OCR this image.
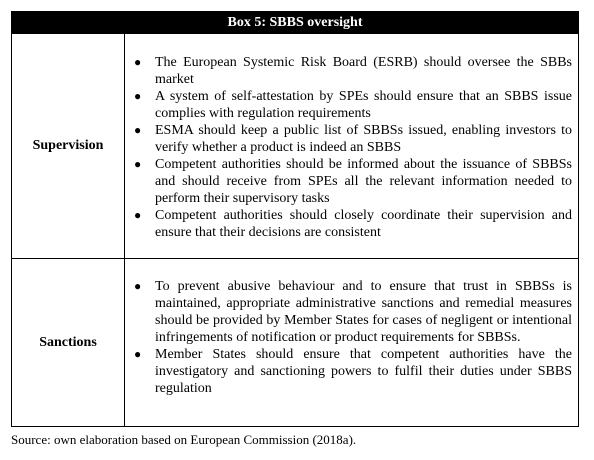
Box 5: SBBS oversight
Supervision
● The European Systemic Risk Board (ESRB) should oversee the SBBs market
● A system of self-attestation by SPEs should ensure that an SBBS issue complies with regulation requirements
● ESMA should keep a public list of SBBSs issued, enabling investors to verify whether a product is indeed an SBBS
● Competent authorities should be informed about the issuance of SBBSs and should receive from SPEs all the relevant information needed to perform their supervisory tasks
● Competent authorities should closely coordinate their supervision and ensure that their decisions are consistent
Sanctions
● To prevent abusive behaviour and to ensure that trust in SBBSs is maintained, appropriate administrative sanctions and remedial measures should be provided by Member States for cases of negligent or intentional infringements of notification or product requirements for SBBSs.
● Member States should ensure that competent authorities have the investigatory and sanctioning powers to fulfil their duties under SBBS regulation
Source: own elaboration based on European Commission (2018a).
